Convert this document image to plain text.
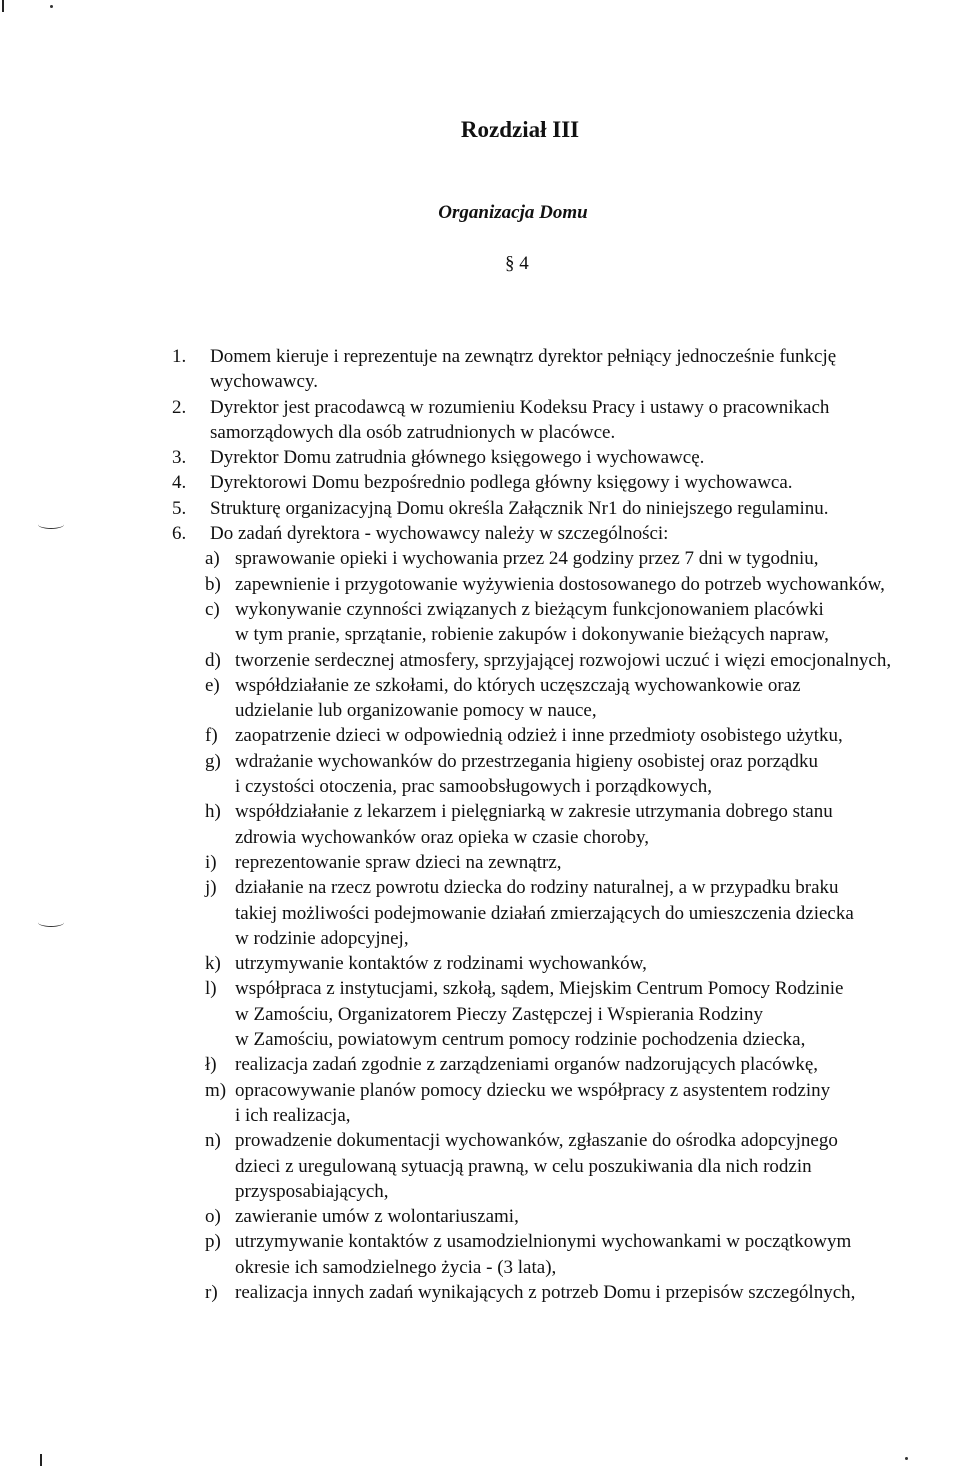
Rozdział III
Organizacja Domu
§ 4
1. Domem kieruje i reprezentuje na zewnątrz dyrektor pełniący jednocześnie funkcję
wychowawcy.
2. Dyrektor jest pracodawcą w rozumieniu Kodeksu Pracy i ustawy o pracownikach
samorządowych dla osób zatrudnionych w placówce.
3. Dyrektor Domu zatrudnia głównego księgowego i wychowawcę.
4. Dyrektorowi Domu bezpośrednio podlega główny księgowy i wychowawca.
5. Strukturę organizacyjną Domu określa Załącznik Nr1 do niniejszego regulaminu.
6. Do zadań dyrektora - wychowawcy należy w szczególności:
a) sprawowanie opieki i wychowania przez 24 godziny przez 7 dni w tygodniu,
b) zapewnienie i przygotowanie wyżywienia dostosowanego do potrzeb wychowanków,
c) wykonywanie czynności związanych z bieżącym funkcjonowaniem placówki
w tym pranie, sprzątanie, robienie zakupów i dokonywanie bieżących napraw,
d) tworzenie serdecznej atmosfery, sprzyjającej rozwojowi uczuć i więzi emocjonalnych,
e) współdziałanie ze szkołami, do których uczęszczają wychowankowie oraz
udzielanie lub organizowanie pomocy w nauce,
f) zaopatrzenie dzieci w odpowiednią odzież i inne przedmioty osobistego użytku,
g) wdrażanie wychowanków do przestrzegania higieny osobistej oraz porządku
i czystości otoczenia, prac samoobsługowych i porządkowych,
h) współdziałanie z lekarzem i pielęgniarką w zakresie utrzymania dobrego stanu
zdrowia wychowanków oraz opieka w czasie choroby,
i) reprezentowanie spraw dzieci na zewnątrz,
j) działanie na rzecz powrotu dziecka do rodziny naturalnej, a w przypadku braku
takiej możliwości podejmowanie działań zmierzających do umieszczenia dziecka
w rodzinie adopcyjnej,
k) utrzymywanie kontaktów z rodzinami wychowanków,
l) współpraca z instytucjami, szkołą, sądem, Miejskim Centrum Pomocy Rodzinie
w Zamościu, Organizatorem Pieczy Zastępczej i Wspierania Rodziny
w Zamościu, powiatowym centrum pomocy rodzinie pochodzenia dziecka,
ł) realizacja zadań zgodnie z zarządzeniami organów nadzorujących placówkę,
m) opracowywanie planów pomocy dziecku we współpracy z asystentem rodziny
i ich realizacja,
n) prowadzenie dokumentacji wychowanków, zgłaszanie do ośrodka adopcyjnego
dzieci z uregulowaną sytuacją prawną, w celu poszukiwania dla nich rodzin
przysposabiających,
o) zawieranie umów z wolontariuszami,
p) utrzymywanie kontaktów z usamodzielnionymi wychowankami w początkowym
okresie ich samodzielnego życia - (3 lata),
r) realizacja innych zadań wynikających z potrzeb Domu i przepisów szczególnych,
